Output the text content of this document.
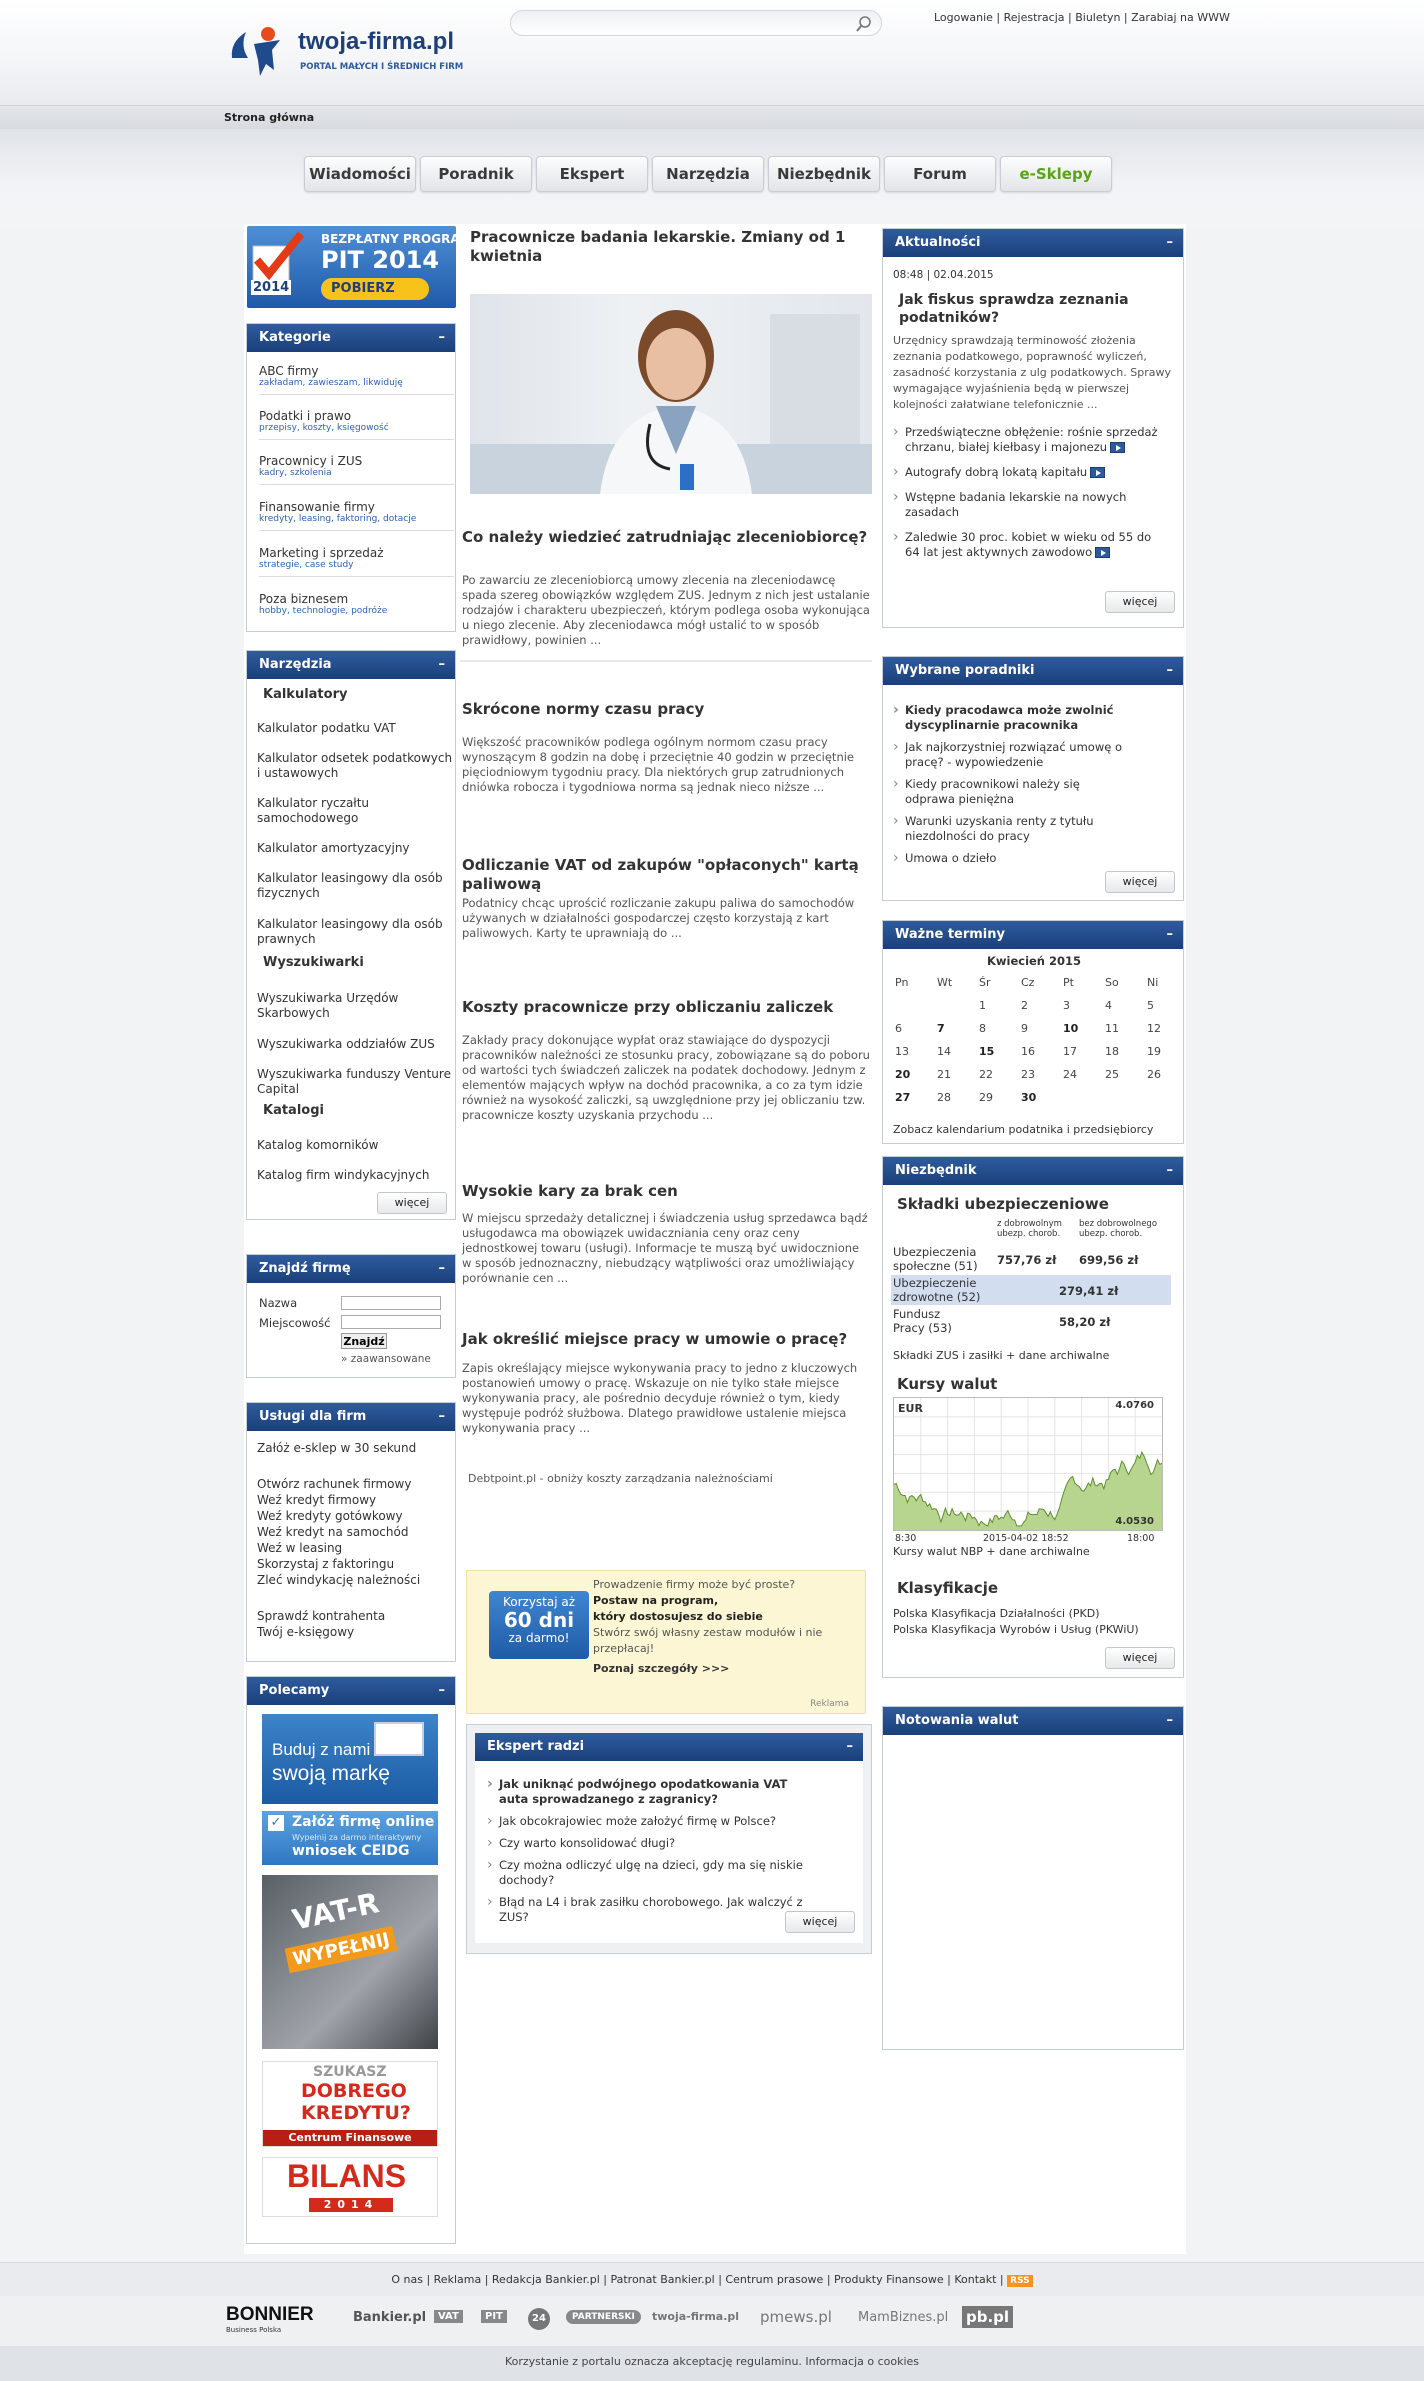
twoja-firma.pl
PORTAL MAŁYCH I ŚREDNICH FIRM
Logowanie | Rejestracja | Biuletyn | Zarabiaj na WWW
Strona główna
Wiadomości	Poradnik	Ekspert	Narzędzia	Niezbędnik	Forum	e-Sklepy
2014
BEZPŁATNY PROGRAM
PIT 2014
POBIERZ
Kategorie	–
ABC firmy
zakładam, zawieszam, likwiduję
Podatki i prawo
przepisy, koszty, księgowość
Pracownicy i ZUS
kadry, szkolenia
Finansowanie firmy
kredyty, leasing, faktoring, dotacje
Marketing i sprzedaż
strategie, case study
Poza biznesem
hobby, technologie, podróże
Narzędzia	–
Kalkulatory
Kalkulator podatku VAT
Kalkulator odsetek podatkowych i ustawowych
Kalkulator ryczałtu samochodowego
Kalkulator amortyzacyjny
Kalkulator leasingowy dla osób fizycznych
Kalkulator leasingowy dla osób prawnych
Wyszukiwarki
Wyszukiwarka Urzędów Skarbowych
Wyszukiwarka oddziałów ZUS
Wyszukiwarka funduszy Venture Capital
Katalogi
Katalog komorników
Katalog firm windykacyjnych
więcej
Znajdź firmę	–
Nazwa
Miejscowość
Znajdź
» zaawansowane
Usługi dla firm	–
Załóż e-sklep w 30 sekund
Otwórz rachunek firmowy
Weź kredyt firmowy
Weź kredyty gotówkowy
Weź kredyt na samochód
Weź w leasing
Skorzystaj z faktoringu
Zleć windykację należności
Sprawdź kontrahenta
Twój e-księgowy
Polecamy	–
Buduj z nami
swoją markę
✓ Załóż firmę online
Wypełnij za darmo interaktywny
wniosek CEIDG
VAT-R
WYPEŁNIJ
SZUKASZ
DOBREGO
KREDYTU?
Centrum Finansowe
BILANS
2014
Pracownicze badania lekarskie. Zmiany od 1 kwietnia
Co należy wiedzieć zatrudniając zleceniobiorcę?

Po zawarciu ze zleceniobiorcą umowy zlecenia na zleceniodawcę spada szereg obowiązków względem ZUS. Jednym z nich jest ustalanie rodzajów i charakteru ubezpieczeń, którym podlega osoba wykonująca u niego zlecenie. Aby zleceniodawca mógł ustalić to w sposób prawidłowy, powinien ...

Skrócone normy czasu pracy

Większość pracowników podlega ogólnym normom czasu pracy wynoszącym 8 godzin na dobę i przeciętnie 40 godzin w przeciętnie pięciodniowym tygodniu pracy. Dla niektórych grup zatrudnionych dniówka robocza i tygodniowa norma są jednak nieco niższe ...

Odliczanie VAT od zakupów "opłaconych" kartą paliwową

Podatnicy chcąc uprościć rozliczanie zakupu paliwa do samochodów używanych w działalności gospodarczej często korzystają z kart paliwowych. Karty te uprawniają do ...

Koszty pracownicze przy obliczaniu zaliczek

Zakłady pracy dokonujące wypłat oraz stawiające do dyspozycji pracowników należności ze stosunku pracy, zobowiązane są do poboru od wartości tych świadczeń zaliczek na podatek dochodowy. Jednym z elementów mających wpływ na dochód pracownika, a co za tym idzie również na wysokość zaliczki, są uwzględnione przy jej obliczaniu tzw. pracownicze koszty uzyskania przychodu ...

Wysokie kary za brak cen

W miejscu sprzedaży detalicznej i świadczenia usług sprzedawca bądź usługodawca ma obowiązek uwidaczniania ceny oraz ceny jednostkowej towaru (usługi). Informacje te muszą być uwidocznione w sposób jednoznaczny, niebudzący wątpliwości oraz umożliwiający porównanie cen ...

Jak określić miejsce pracy w umowie o pracę?

Zapis określający miejsce wykonywania pracy to jedno z kluczowych postanowień umowy o pracę. Wskazuje on nie tylko stałe miejsce wykonywania pracy, ale pośrednio decyduje również o tym, kiedy występuje podróż służbowa. Dlatego prawidłowe ustalenie miejsca wykonywania pracy ...

Debtpoint.pl - obniży koszty zarządzania należnościami
Korzystaj aż
60 dni
za darmo!
Prowadzenie firmy może być proste?
Postaw na program,
który dostosujesz do siebie
Stwórz swój własny zestaw modułów i nie przepłacaj!
Poznaj szczegóły >>>
Reklama
Ekspert radzi	–
› Jak uniknąć podwójnego opodatkowania VAT auta sprowadzanego z zagranicy?
› Jak obcokrajowiec może założyć firmę w Polsce?
› Czy warto konsolidować długi?
› Czy można odliczyć ulgę na dzieci, gdy ma się niskie dochody?
› Błąd na L4 i brak zasiłku chorobowego. Jak walczyć z ZUS?	więcej
Aktualności	–
08:48 | 02.04.2015
Jak fiskus sprawdza zeznania podatników?
Urzędnicy sprawdzają terminowość złożenia zeznania podatkowego, poprawność wyliczeń, zasadność korzystania z ulg podatkowych. Sprawy wymagające wyjaśnienia będą w pierwszej kolejności załatwiane telefonicznie ...
› Przedświąteczne obłężenie: rośnie sprzedaż chrzanu, białej kiełbasy i majonezu
› Autografy dobrą lokatą kapitału
› Wstępne badania lekarskie na nowych zasadach
› Zaledwie 30 proc. kobiet w wieku od 55 do 64 lat jest aktywnych zawodowo
więcej
Wybrane poradniki	–
› Kiedy pracodawca może zwolnić dyscyplinarnie pracownika
› Jak najkorzystniej rozwiązać umowę o pracę? - wypowiedzenie
› Kiedy pracownikowi należy się odprawa pieniężna
› Warunki uzyskania renty z tytułu niezdolności do pracy
› Umowa o dzieło
więcej
Ważne terminy	–
Kwiecień 2015
Pn	Wt	Śr	Cz	Pt	So	Ni
		1	2	3	4	5
6	7	8	9	10	11	12
13	14	15	16	17	18	19
20	21	22	23	24	25	26
27	28	29	30			
Zobacz kalendarium podatnika i przedsiębiorcy
Niezbędnik	–
Składki ubezpieczeniowe
z dobrowolnym ubezp. chorob.
bez dobrowolnego ubezp. chorob.
Ubezpieczenia społeczne (51)	757,76 zł 699,56 zł
Ubezpieczenie zdrowotne (52)	279,41 zł
Fundusz Pracy (53)	58,20 zł
Składki ZUS i zasiłki + dane archiwalne
Kursy walut
EUR	4.0760
4.0530
8:30	2015-04-02 18:52	18:00
Kursy walut NBP + dane archiwalne
Klasyfikacje
Polska Klasyfikacja Działalności (PKD)
Polska Klasyfikacja Wyrobów i Usług (PKWiU)
więcej
Notowania walut	–
O nas | Reklama | Redakcja Bankier.pl | Patronat Bankier.pl | Centrum prasowe | Produkty Finansowe | Kontakt | RSS
BONNIER
Business Polska
Bankier.pl	VAT	PIT	24	PARTNERSKI	twoja-firma.pl pmews.pl MamBiznes.pl pb.pl
Korzystanie z portalu oznacza akceptację regulaminu. Informacja o cookies
